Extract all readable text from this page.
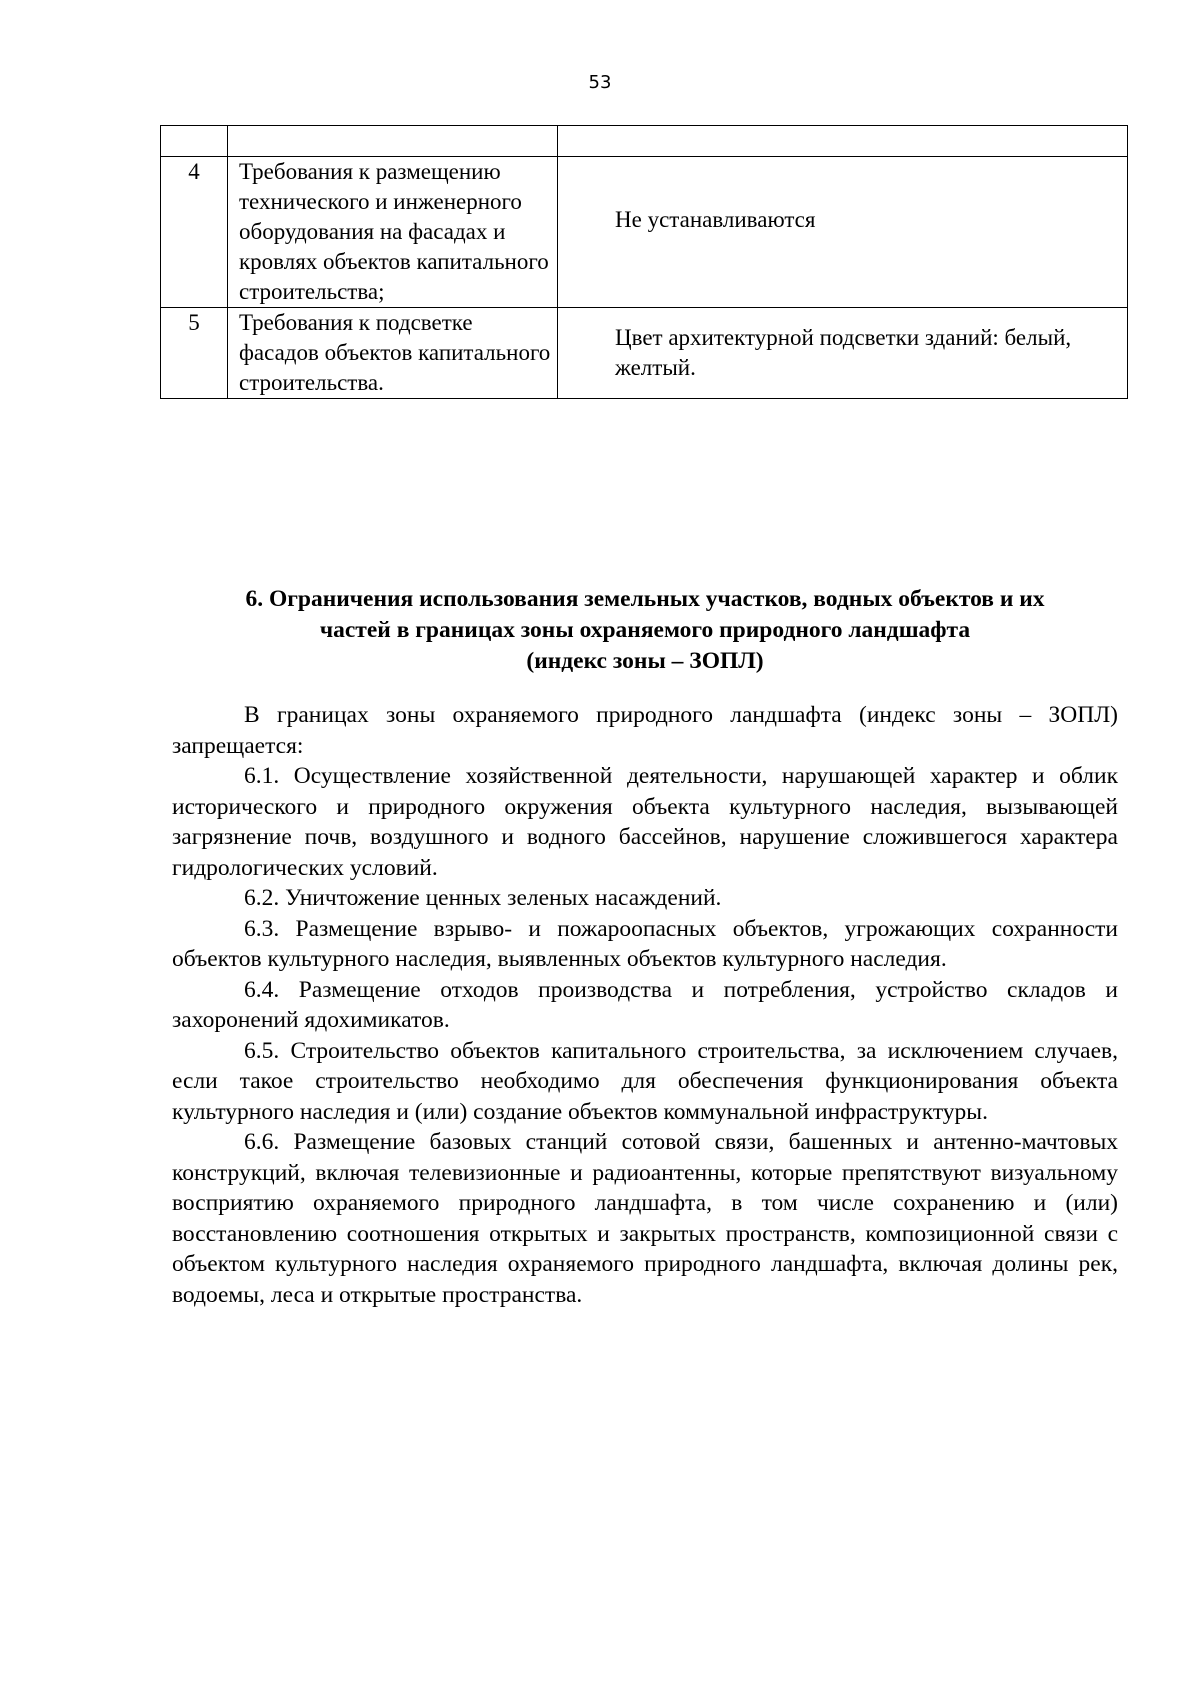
53

4	Требования к размещению технического и инженерного оборудования на фасадах и кровлях объектов капитального строительства;	Не устанавливаются
5	Требования к подсветке фасадов объектов капитального строительства.	Цвет архитектурной подсветки зданий: белый, желтый.
6. Ограничения использования земельных участков, водных объектов и их
частей в границах зоны охраняемого природного ландшафта
(индекс зоны – ЗОПЛ)

В границах зоны охраняемого природного ландшафта (индекс зоны – ЗОПЛ) запрещается:

6.1. Осуществление хозяйственной деятельности, нарушающей характер и облик исторического и природного окружения объекта культурного наследия, вызывающей загрязнение почв, воздушного и водного бассейнов, нарушение сложившегося характера гидрологических условий.

6.2. Уничтожение ценных зеленых насаждений.

6.3. Размещение взрыво- и пожароопасных объектов, угрожающих сохранности объектов культурного наследия, выявленных объектов культурного наследия.

6.4. Размещение отходов производства и потребления, устройство складов и захоронений ядохимикатов.

6.5. Строительство объектов капитального строительства, за исключением случаев, если такое строительство необходимо для обеспечения функционирования объекта культурного наследия и (или) создание объектов коммунальной инфраструктуры.

6.6. Размещение базовых станций сотовой связи, башенных и антенно-мачтовых конструкций, включая телевизионные и радиоантенны, которые препятствуют визуальному восприятию охраняемого природного ландшафта, в том числе сохранению и (или) восстановлению соотношения открытых и закрытых пространств, композиционной связи с объектом культурного наследия охраняемого природного ландшафта, включая долины рек, водоемы, леса и открытые пространства.
